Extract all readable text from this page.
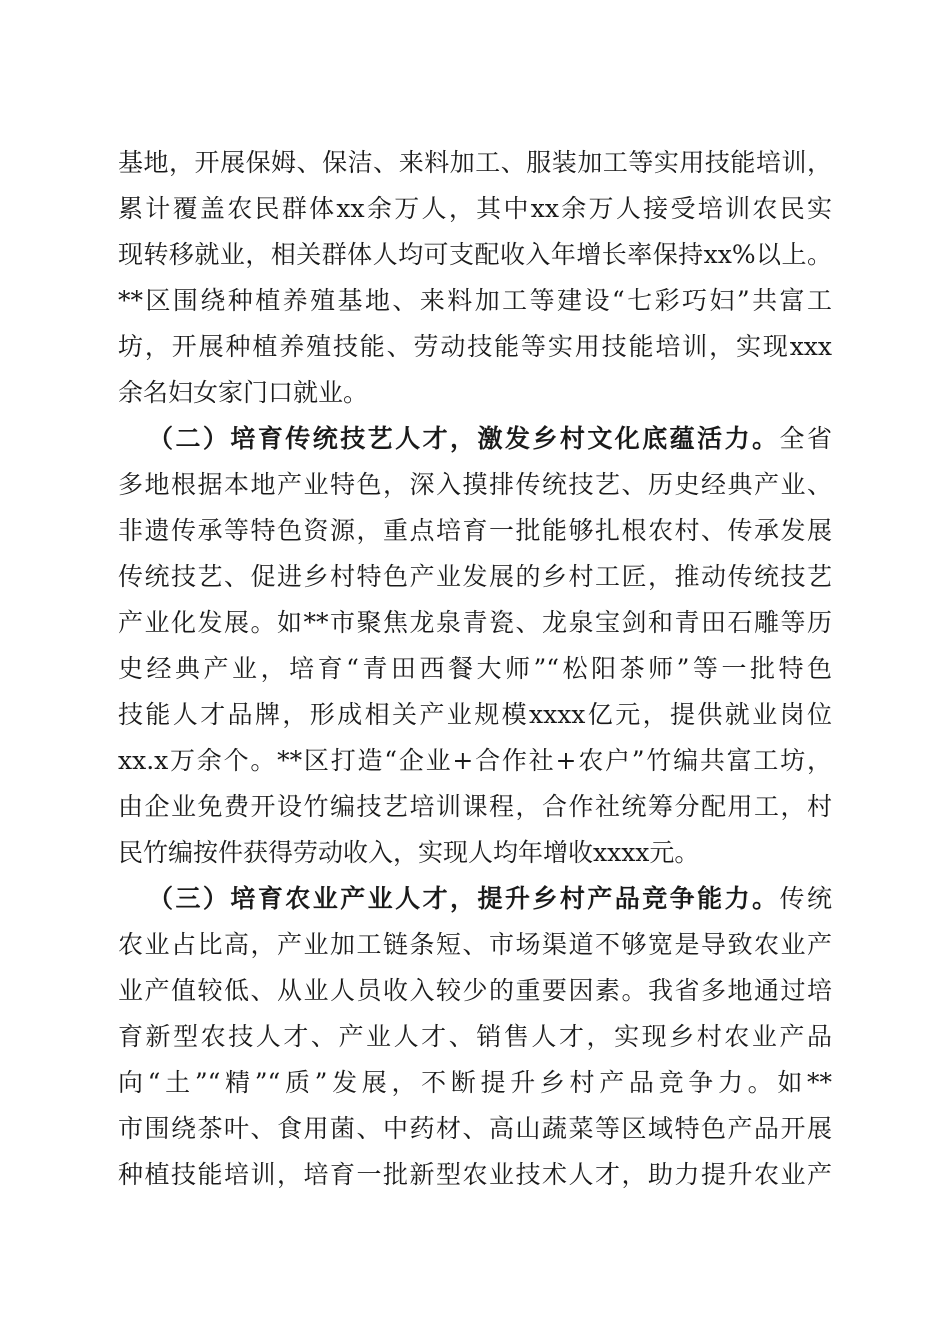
基地，开展保姆、保洁、来料加工、服装加工等实用技能培训，
累计覆盖农民群体xx余万人，其中xx余万人接受培训农民实
现转移就业，相关群体人均可支配收入年增长率保持xx%以上。
**区围绕种植养殖基地、来料加工等建设“七彩巧妇”共富工
坊，开展种植养殖技能、劳动技能等实用技能培训，实现xxx
余名妇女家门口就业。
（二）培育传统技艺人才，激发乡村文化底蕴活力。全省
多地根据本地产业特色，深入摸排传统技艺、历史经典产业、
非遗传承等特色资源，重点培育一批能够扎根农村、传承发展
传统技艺、促进乡村特色产业发展的乡村工匠，推动传统技艺
产业化发展。如**市聚焦龙泉青瓷、龙泉宝剑和青田石雕等历
史经典产业，培育“青田西餐大师”“松阳茶师”等一批特色
技能人才品牌，形成相关产业规模xxxx亿元，提供就业岗位
xx.x万余个。**区打造“企业+合作社+农户”竹编共富工坊，
由企业免费开设竹编技艺培训课程，合作社统筹分配用工，村
民竹编按件获得劳动收入，实现人均年增收xxxx元。
（三）培育农业产业人才，提升乡村产品竞争能力。传统
农业占比高，产业加工链条短、市场渠道不够宽是导致农业产
业产值较低、从业人员收入较少的重要因素。我省多地通过培
育新型农技人才、产业人才、销售人才，实现乡村农业产品
向“土”“精”“质”发展，不断提升乡村产品竞争力。如**
市围绕茶叶、食用菌、中药材、高山蔬菜等区域特色产品开展
种植技能培训，培育一批新型农业技术人才，助力提升农业产
